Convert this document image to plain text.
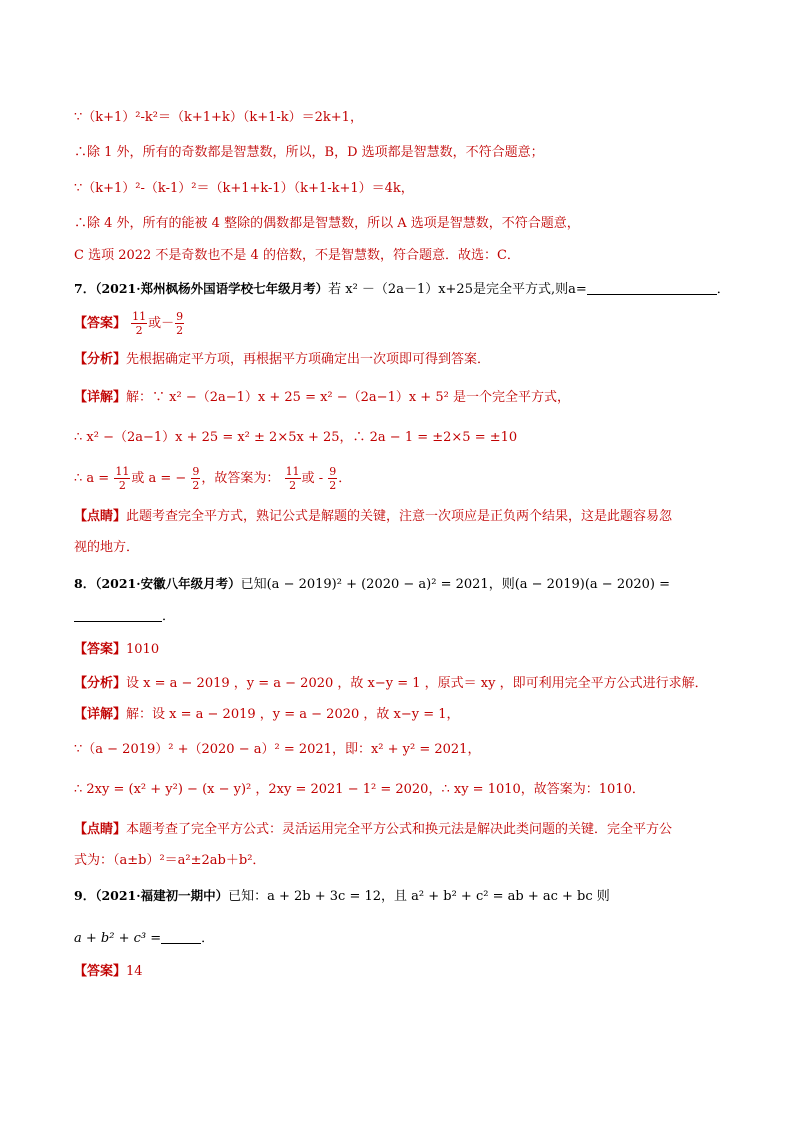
∵（k+1）²-k²＝（k+1+k）（k+1-k）＝2k+1，
∴除 1 外，所有的奇数都是智慧数，所以，B，D 选项都是智慧数，不符合题意；
∵（k+1）²-（k-1）²＝（k+1+k-1）（k+1-k+1）＝4k，
∴除 4 外，所有的能被 4 整除的偶数都是智慧数，所以 A 选项是智慧数，不符合题意，
C 选项 2022 不是奇数也不是 4 的倍数，不是智慧数，符合题意．故选：C．
7．（2021·郑州枫杨外国语学校七年级月考）若 x² －（2a－1）x+25是完全平方式,则a=	．
【答案】 $\frac{11}{2}$ 或－ $\frac{9}{2}$
【分析】先根据确定平方项，再根据平方项确定出一次项即可得到答案．
【详解】解：∵ x² −（2a−1）x + 25 = x² −（2a−1）x + 5² 是一个完全平方式，
∴ x² −（2a−1）x + 25 = x² ± 2×5x + 25，∴ 2a − 1 = ±2×5 = ±10
∴ $a = \frac{11}{2}$ 或 a = − $\frac{9}{2}$ ，故答案为： $\frac{11}{2}$ 或 - $\frac{9}{2}$ ．
【点睛】此题考查完全平方式，熟记公式是解题的关键，注意一次项应是正负两个结果，这是此题容易忽
视的地方．
8．（2021·安徽八年级月考）已知(a − 2019)² + (2020 − a)² = 2021，则(a − 2019)(a − 2020) =
．
【答案】1010
【分析】设 x = a − 2019 ，y = a − 2020 ，故 x−y = 1 ，原式＝ xy ，即可利用完全平方公式进行求解．
【详解】解：设 x = a − 2019 ，y = a − 2020 ，故 x−y = 1，
∵（a − 2019）² +（2020 − a）² = 2021，即：x² + y² = 2021，
∴ 2xy = (x² + y²) − (x − y)² ，2xy = 2021 − 1² = 2020，∴ xy = 1010，故答案为：1010．
【点睛】本题考查了完全平方公式：灵活运用完全平方公式和换元法是解决此类问题的关键．完全平方公
式为：（a±b）²＝a²±2ab＋b²．
9．（2021·福建初一期中）已知：a + 2b + 3c = 12，且 a² + b² + c² = ab + ac + bc 则
a + b² + c³ =	．
【答案】14
